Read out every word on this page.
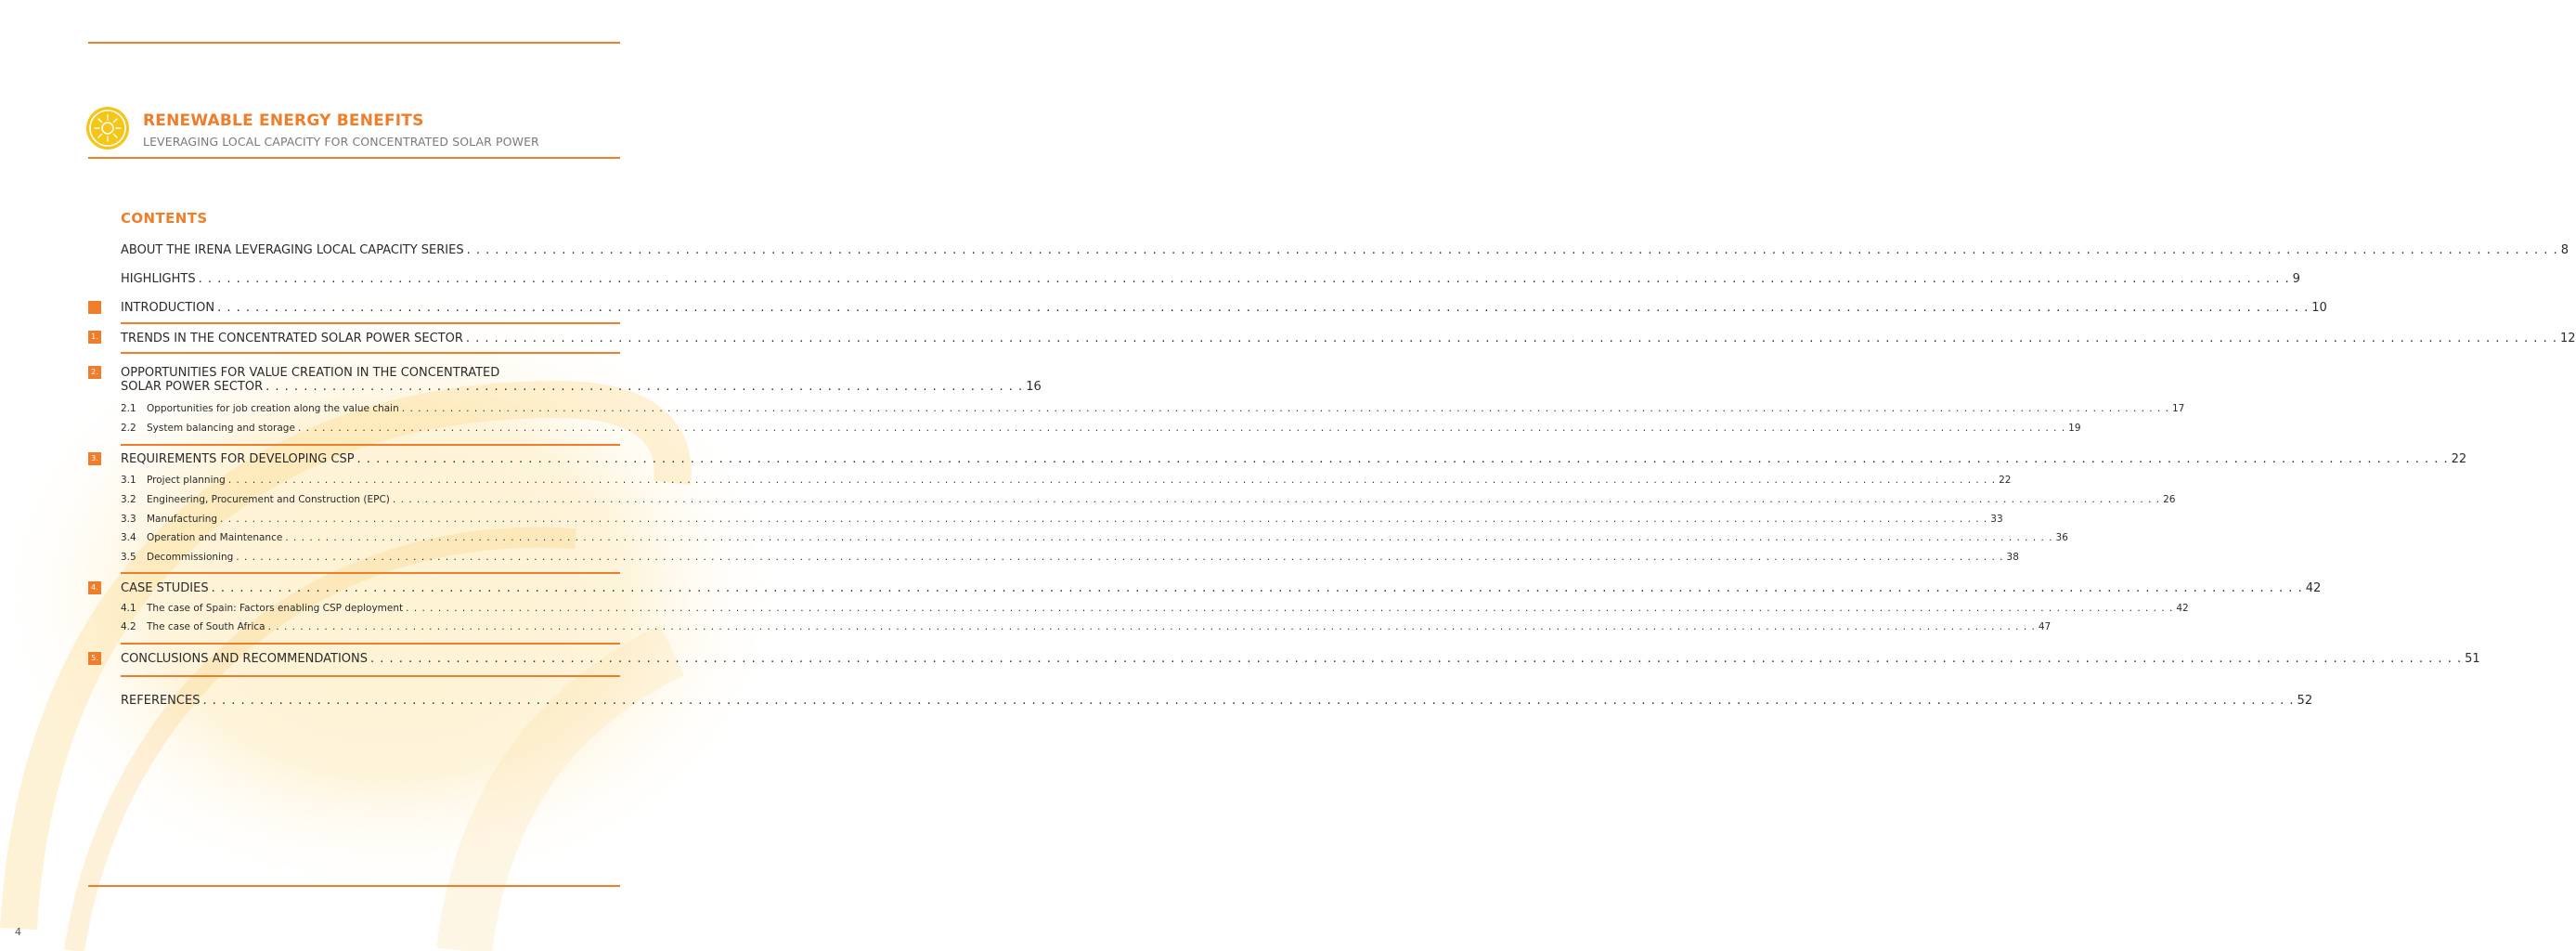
RENEWABLE ENERGY BENEFITS

LEVERAGING LOCAL CAPACITY FOR CONCENTRATED SOLAR POWER

CONTENTS
ABOUT THE IRENA LEVERAGING LOCAL CAPACITY SERIES . . .	8
HIGHLIGHTS . . .	9
INTRODUCTION . . .	10
1. TRENDS IN THE CONCENTRATED SOLAR POWER SECTOR . . .	12
2. OPPORTUNITIES FOR VALUE CREATION IN THE CONCENTRATED
SOLAR POWER SECTOR . . . . . . . . . . . . . . . . . . . . . . . . . . . . . . . . . . . . . . . . . . . . . . . . . . . . . . . . . . . . . . . . . . . . . . . . . . . . . . . . 16
2.1 Opportunities for job creation along the value chain . . .	17
2.2 System balancing and storage . . .	19
3. REQUIREMENTS FOR DEVELOPING CSP . . .	22
3.1 Project planning . . .	22
3.2 Engineering, Procurement and Construction (EPC) . . .	26
3.3 Manufacturing . . .	33
3.4 Operation and Maintenance . . .	36
3.5 Decommissioning . . .	38
4. CASE STUDIES . . .	42
4.1 The case of Spain: Factors enabling CSP deployment . . .	42
4.2 The case of South Africa . . .	47
5. CONCLUSIONS AND RECOMMENDATIONS . . .	51
REFERENCES . . .	52
4
